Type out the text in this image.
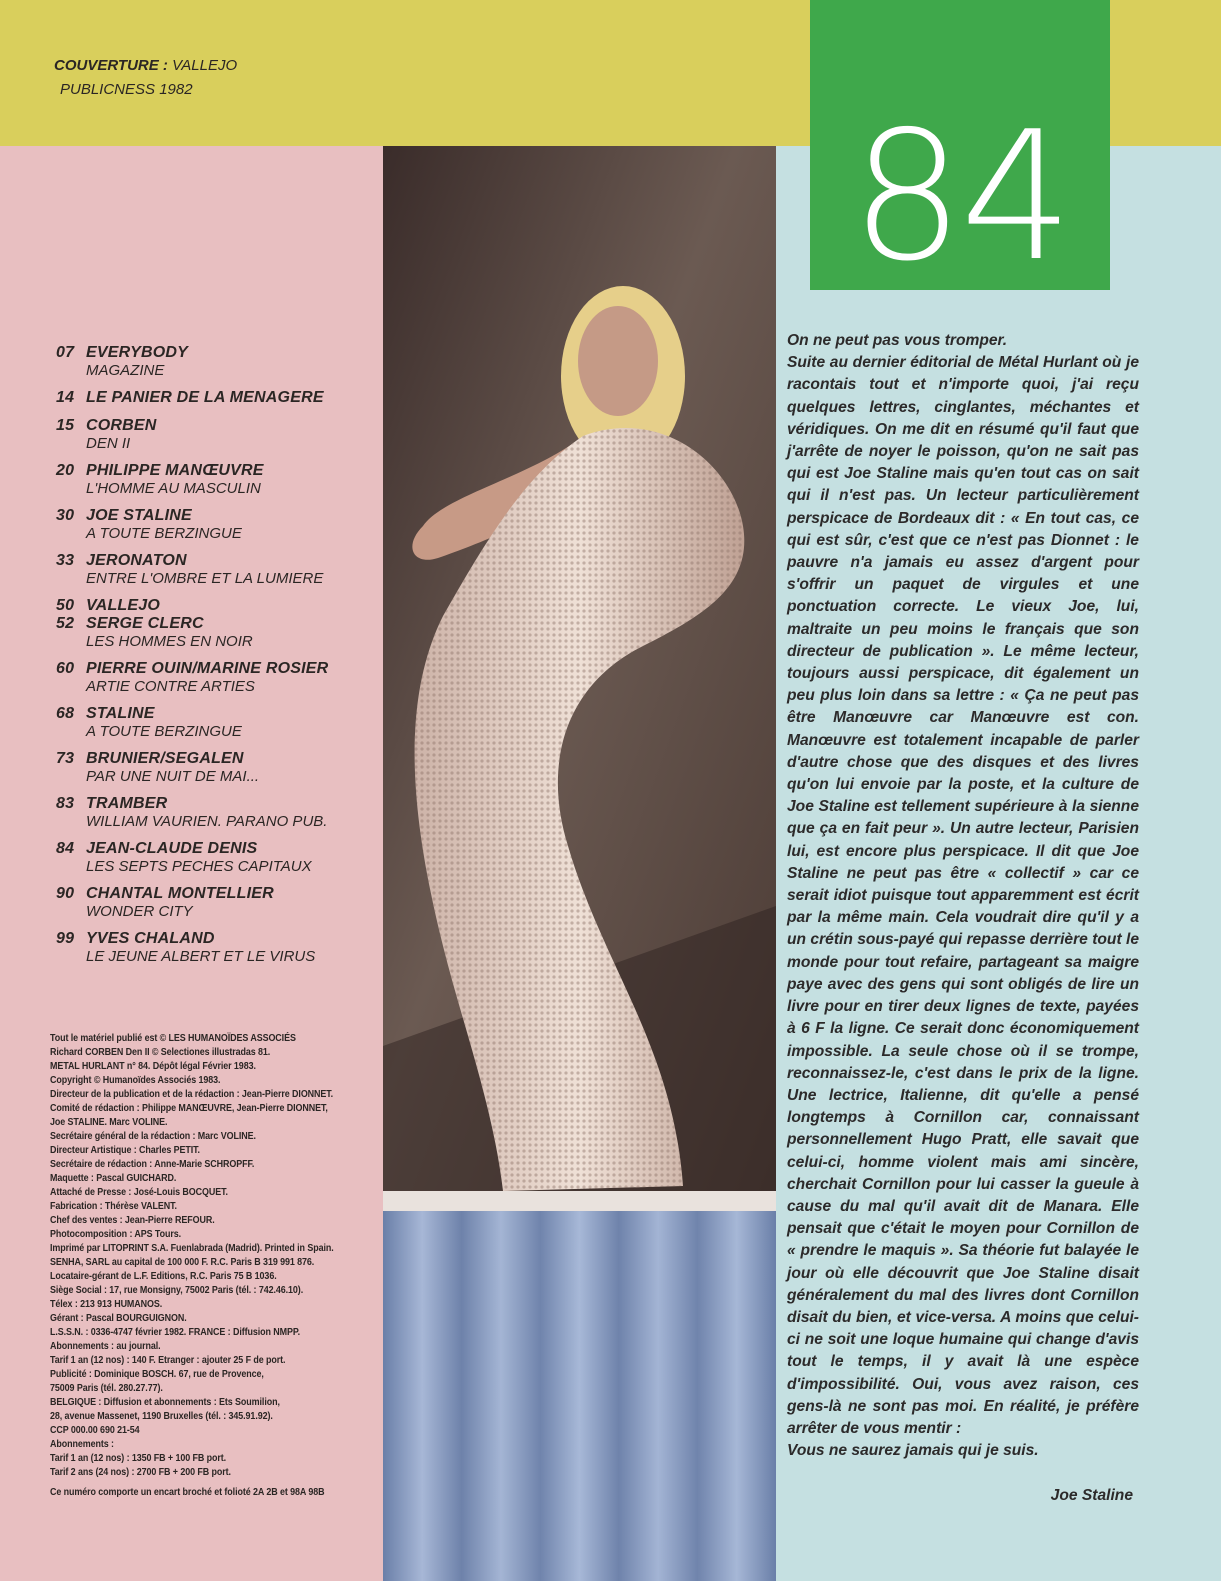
COUVERTURE : VALLEJO
PUBLICNESS 1982
84
07 EVERYBODY
MAGAZINE
14 LE PANIER DE LA MENAGERE
15 CORBEN
DEN II
20 PHILIPPE MANŒUVRE
L'HOMME AU MASCULIN
30 JOE STALINE
A TOUTE BERZINGUE
33 JERONATON
ENTRE L'OMBRE ET LA LUMIERE
50 VALLEJO
52 SERGE CLERC
LES HOMMES EN NOIR
60 PIERRE OUIN/MARINE ROSIER
ARTIE CONTRE ARTIES
68 STALINE
A TOUTE BERZINGUE
73 BRUNIER/SEGALEN
PAR UNE NUIT DE MAI...
83 TRAMBER
WILLIAM VAURIEN. PARANO PUB.
84 JEAN-CLAUDE DENIS
LES SEPTS PECHES CAPITAUX
90 CHANTAL MONTELLIER
WONDER CITY
99 YVES CHALAND
LE JEUNE ALBERT ET LE VIRUS

Tout le matériel publié est © LES HUMANOÏDES ASSOCIÉS

Richard CORBEN Den II © Selectiones illustradas 81.

METAL HURLANT n° 84. Dépôt légal Février 1983.

Copyright © Humanoïdes Associés 1983.

Directeur de la publication et de la rédaction : Jean-Pierre DIONNET.

Comité de rédaction : Philippe MANŒUVRE, Jean-Pierre DIONNET,

Joe STALINE. Marc VOLINE.

Secrétaire général de la rédaction : Marc VOLINE.

Directeur Artistique : Charles PETIT.

Secrétaire de rédaction : Anne-Marie SCHROPFF.

Maquette : Pascal GUICHARD.

Attaché de Presse : José-Louis BOCQUET.

Fabrication : Thérèse VALENT.

Chef des ventes : Jean-Pierre REFOUR.

Photocomposition : APS Tours.

Imprimé par LITOPRINT S.A. Fuenlabrada (Madrid). Printed in Spain.

SENHA, SARL au capital de 100 000 F. R.C. Paris B 319 991 876.

Locataire-gérant de L.F. Editions, R.C. Paris 75 B 1036.

Siège Social : 17, rue Monsigny, 75002 Paris (tél. : 742.46.10).

Télex : 213 913 HUMANOS.

Gérant : Pascal BOURGUIGNON.

L.S.S.N. : 0336-4747 février 1982. FRANCE : Diffusion NMPP.

Abonnements : au journal.

Tarif 1 an (12 nos) : 140 F. Etranger : ajouter 25 F de port.

Publicité : Dominique BOSCH. 67, rue de Provence,

75009 Paris (tél. 280.27.77).

BELGIQUE : Diffusion et abonnements : Ets Soumilion,

28, avenue Massenet, 1190 Bruxelles (tél. : 345.91.92).

CCP 000.00 690 21-54

Abonnements :

Tarif 1 an (12 nos) : 1350 FB + 100 FB port.

Tarif 2 ans (24 nos) : 2700 FB + 200 FB port.

Ce numéro comporte un encart broché et folioté 2A 2B et 98A 98B

On ne peut pas vous tromper.

Suite au dernier éditorial de Métal Hurlant où je racontais tout et n'importe quoi, j'ai reçu quelques lettres, cinglantes, méchantes et véridiques. On me dit en résumé qu'il faut que j'arrête de noyer le poisson, qu'on ne sait pas qui est Joe Staline mais qu'en tout cas on sait qui il n'est pas. Un lecteur particulièrement perspicace de Bordeaux dit : « En tout cas, ce qui est sûr, c'est que ce n'est pas Dionnet : le pauvre n'a jamais eu assez d'argent pour s'offrir un paquet de virgules et une ponctuation correcte. Le vieux Joe, lui, maltraite un peu moins le français que son directeur de publication ». Le même lecteur, toujours aussi perspicace, dit également un peu plus loin dans sa lettre : « Ça ne peut pas être Manœuvre car Manœuvre est con. Manœuvre est totalement incapable de parler d'autre chose que des disques et des livres qu'on lui envoie par la poste, et la culture de Joe Staline est tellement supérieure à la sienne que ça en fait peur ». Un autre lecteur, Parisien lui, est encore plus perspicace. Il dit que Joe Staline ne peut pas être « collectif » car ce serait idiot puisque tout apparemment est écrit par la même main. Cela voudrait dire qu'il y a un crétin sous-payé qui repasse derrière tout le monde pour tout refaire, partageant sa maigre paye avec des gens qui sont obligés de lire un livre pour en tirer deux lignes de texte, payées à 6 F la ligne. Ce serait donc économiquement impossible. La seule chose où il se trompe, reconnaissez-le, c'est dans le prix de la ligne. Une lectrice, Italienne, dit qu'elle a pensé longtemps à Cornillon car, connaissant personnellement Hugo Pratt, elle savait que celui-ci, homme violent mais ami sincère, cherchait Cornillon pour lui casser la gueule à cause du mal qu'il avait dit de Manara. Elle pensait que c'était le moyen pour Cornillon de « prendre le maquis ». Sa théorie fut balayée le jour où elle découvrit que Joe Staline disait généralement du mal des livres dont Cornillon disait du bien, et vice-versa. A moins que celui-ci ne soit une loque humaine qui change d'avis tout le temps, il y avait là une espèce d'impossibilité. Oui, vous avez raison, ces gens-là ne sont pas moi. En réalité, je préfère arrêter de vous mentir :

Vous ne saurez jamais qui je suis.

Joe Staline
